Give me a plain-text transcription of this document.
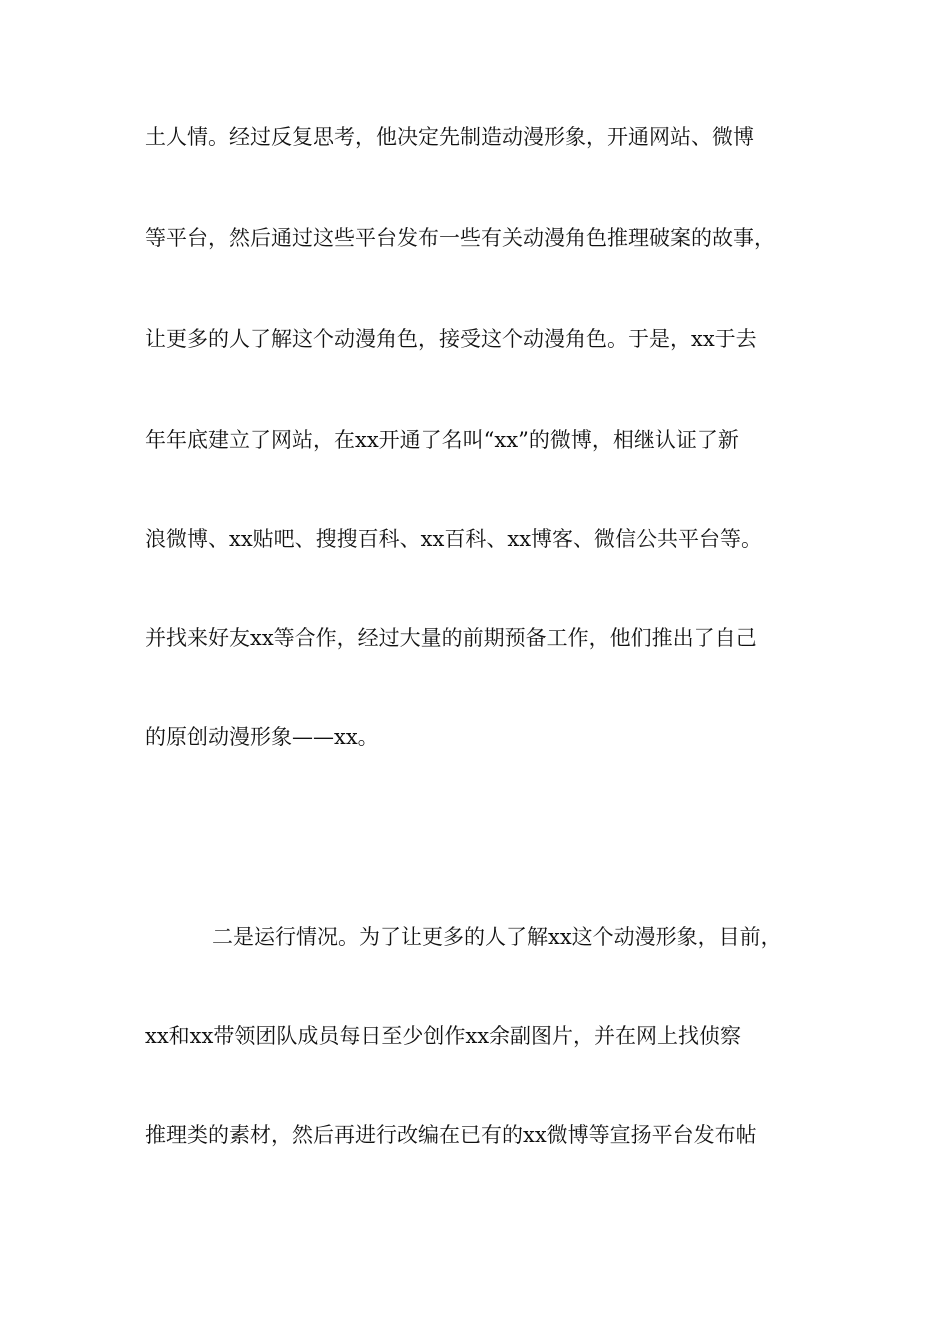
土人情。经过反复思考，他决定先制造动漫形象，开通网站、微博
等平台，然后通过这些平台发布一些有关动漫角色推理破案的故事，
让更多的人了解这个动漫角色，接受这个动漫角色。于是，xx于去
年年底建立了网站，在xx开通了名叫“xx”的微博，相继认证了新
浪微博、xx贴吧、搜搜百科、xx百科、xx博客、微信公共平台等。
并找来好友xx等合作，经过大量的前期预备工作，他们推出了自己
的原创动漫形象——xx。
二是运行情况。为了让更多的人了解xx这个动漫形象，目前，
xx和xx带领团队成员每日至少创作xx余副图片，并在网上找侦察
推理类的素材，然后再进行改编在已有的xx微博等宣扬平台发布帖
